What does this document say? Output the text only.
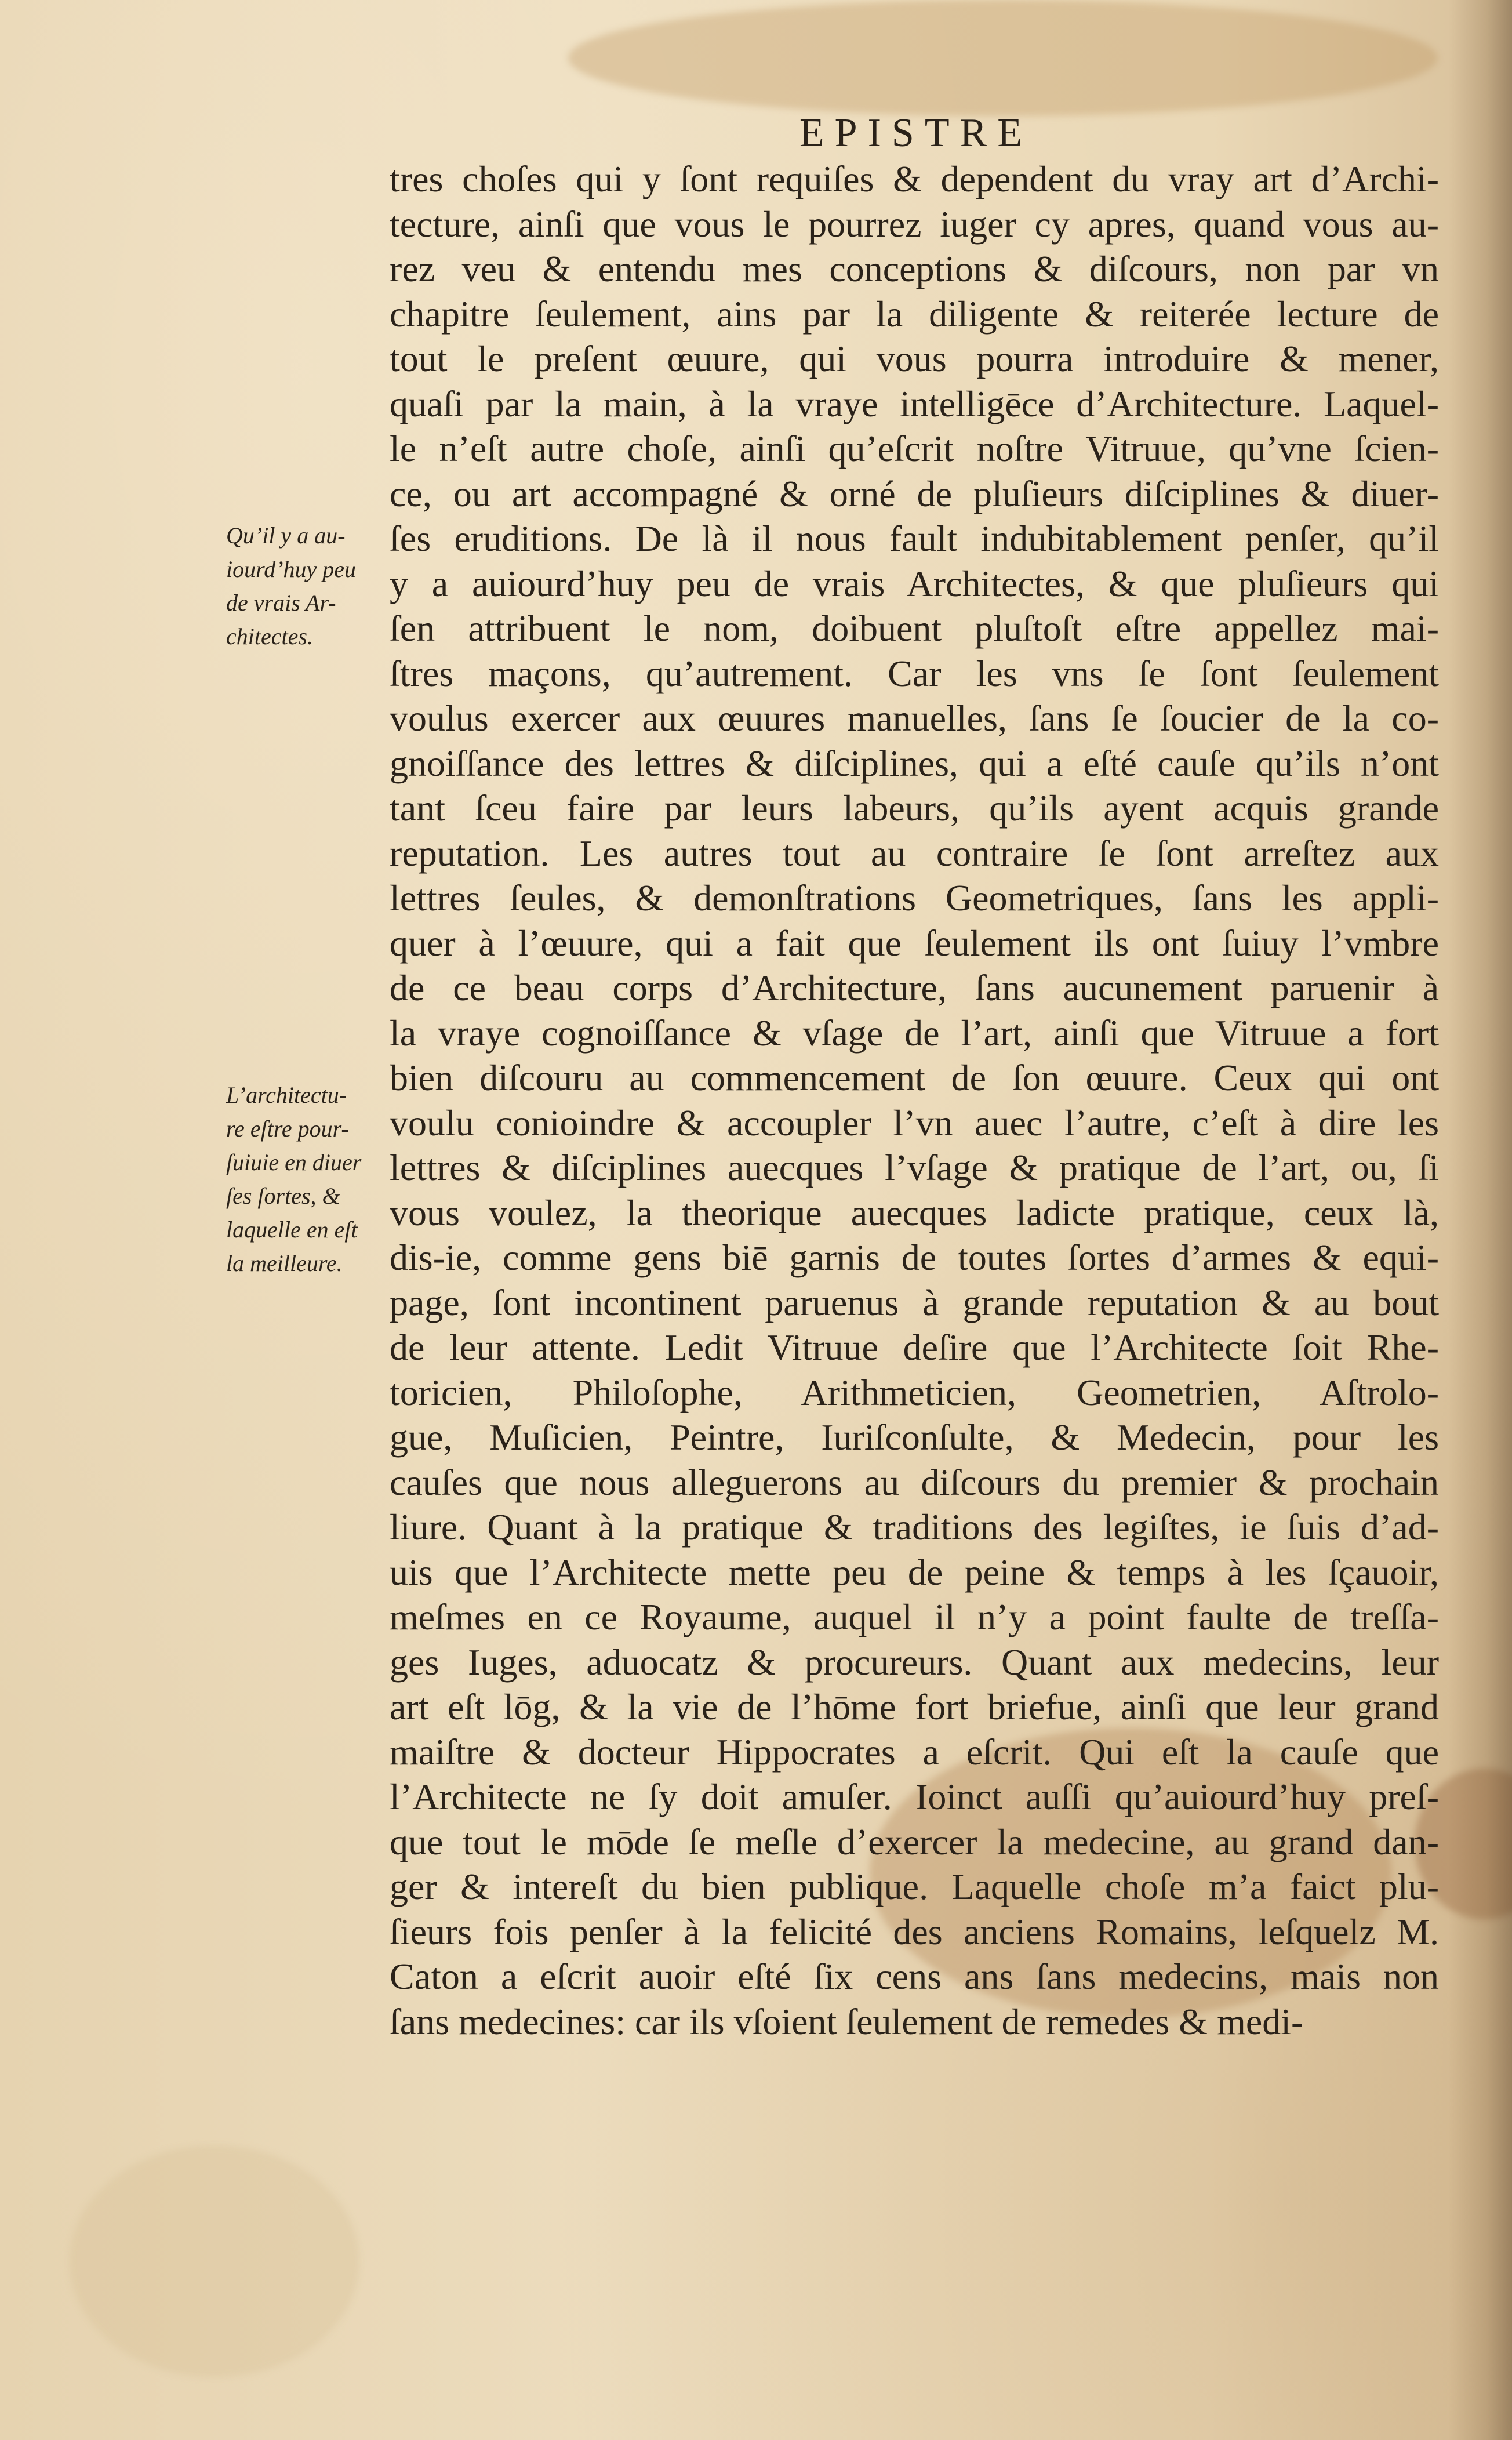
EPISTRE
Qu’il y a au-
iourd’huy peu
de vrais Ar-
chitectes.
L’architectu-
re eſtre pour-
ſuiuie en diuer
ſes ſortes, &
laquelle en eſt
la meilleure.
tres choſes qui y ſont requiſes & dependent du vray art d’Archi-
tecture, ainſi que vous le pourrez iuger cy apres, quand vous au-
rez veu & entendu mes conceptions & diſcours, non par vn
chapitre ſeulement, ains par la diligente & reiterée lecture de
tout le preſent œuure, qui vous pourra introduire & mener,
quaſi par la main, à la vraye intelligēce d’Architecture. Laquel-
le n’eſt autre choſe, ainſi qu’eſcrit noſtre Vitruue, qu’vne ſcien-
ce, ou art accompagné & orné de pluſieurs diſciplines & diuer-
ſes eruditions. De là il nous fault indubitablement penſer, qu’il
y a auiourd’huy peu de vrais Architectes, & que pluſieurs qui
ſen attribuent le nom, doibuent pluſtoſt eſtre appellez mai-
ſtres maçons, qu’autrement. Car les vns ſe ſont ſeulement
voulus exercer aux œuures manuelles, ſans ſe ſoucier de la co-
gnoiſſance des lettres & diſciplines, qui a eſté cauſe qu’ils n’ont
tant ſceu faire par leurs labeurs, qu’ils ayent acquis grande
reputation. Les autres tout au contraire ſe ſont arreſtez aux
lettres ſeules, & demonſtrations Geometriques, ſans les appli-
quer à l’œuure, qui a fait que ſeulement ils ont ſuiuy l’vmbre
de ce beau corps d’Architecture, ſans aucunement paruenir à
la vraye cognoiſſance & vſage de l’art, ainſi que Vitruue a fort
bien diſcouru au commencement de ſon œuure. Ceux qui ont
voulu conioindre & accoupler l’vn auec l’autre, c’eſt à dire les
lettres & diſciplines auecques l’vſage & pratique de l’art, ou, ſi
vous voulez, la theorique auecques ladicte pratique, ceux là,
dis-ie, comme gens biē garnis de toutes ſortes d’armes & equi-
page, ſont incontinent paruenus à grande reputation & au bout
de leur attente. Ledit Vitruue deſire que l’Architecte ſoit Rhe-
toricien, Philoſophe, Arithmeticien, Geometrien, Aſtrolo-
gue, Muſicien, Peintre, Iuriſconſulte, & Medecin, pour les
cauſes que nous alleguerons au diſcours du premier & prochain
liure. Quant à la pratique & traditions des legiſtes, ie ſuis d’ad-
uis que l’Architecte mette peu de peine & temps à les ſçauoir,
meſmes en ce Royaume, auquel il n’y a point faulte de treſſa-
ges Iuges, aduocatz & procureurs. Quant aux medecins, leur
art eſt lōg, & la vie de l’hōme fort briefue, ainſi que leur grand
maiſtre & docteur Hippocrates a eſcrit. Qui eſt la cauſe que
l’Architecte ne ſy doit amuſer. Ioinct auſſi qu’auiourd’huy preſ-
que tout le mōde ſe meſle d’exercer la medecine, au grand dan-
ger & intereſt du bien publique. Laquelle choſe m’a faict plu-
ſieurs fois penſer à la felicité des anciens Romains, leſquelz M.
Caton a eſcrit auoir eſté ſix cens ans ſans medecins, mais non
ſans medecines: car ils vſoient ſeulement de remedes & medi-
